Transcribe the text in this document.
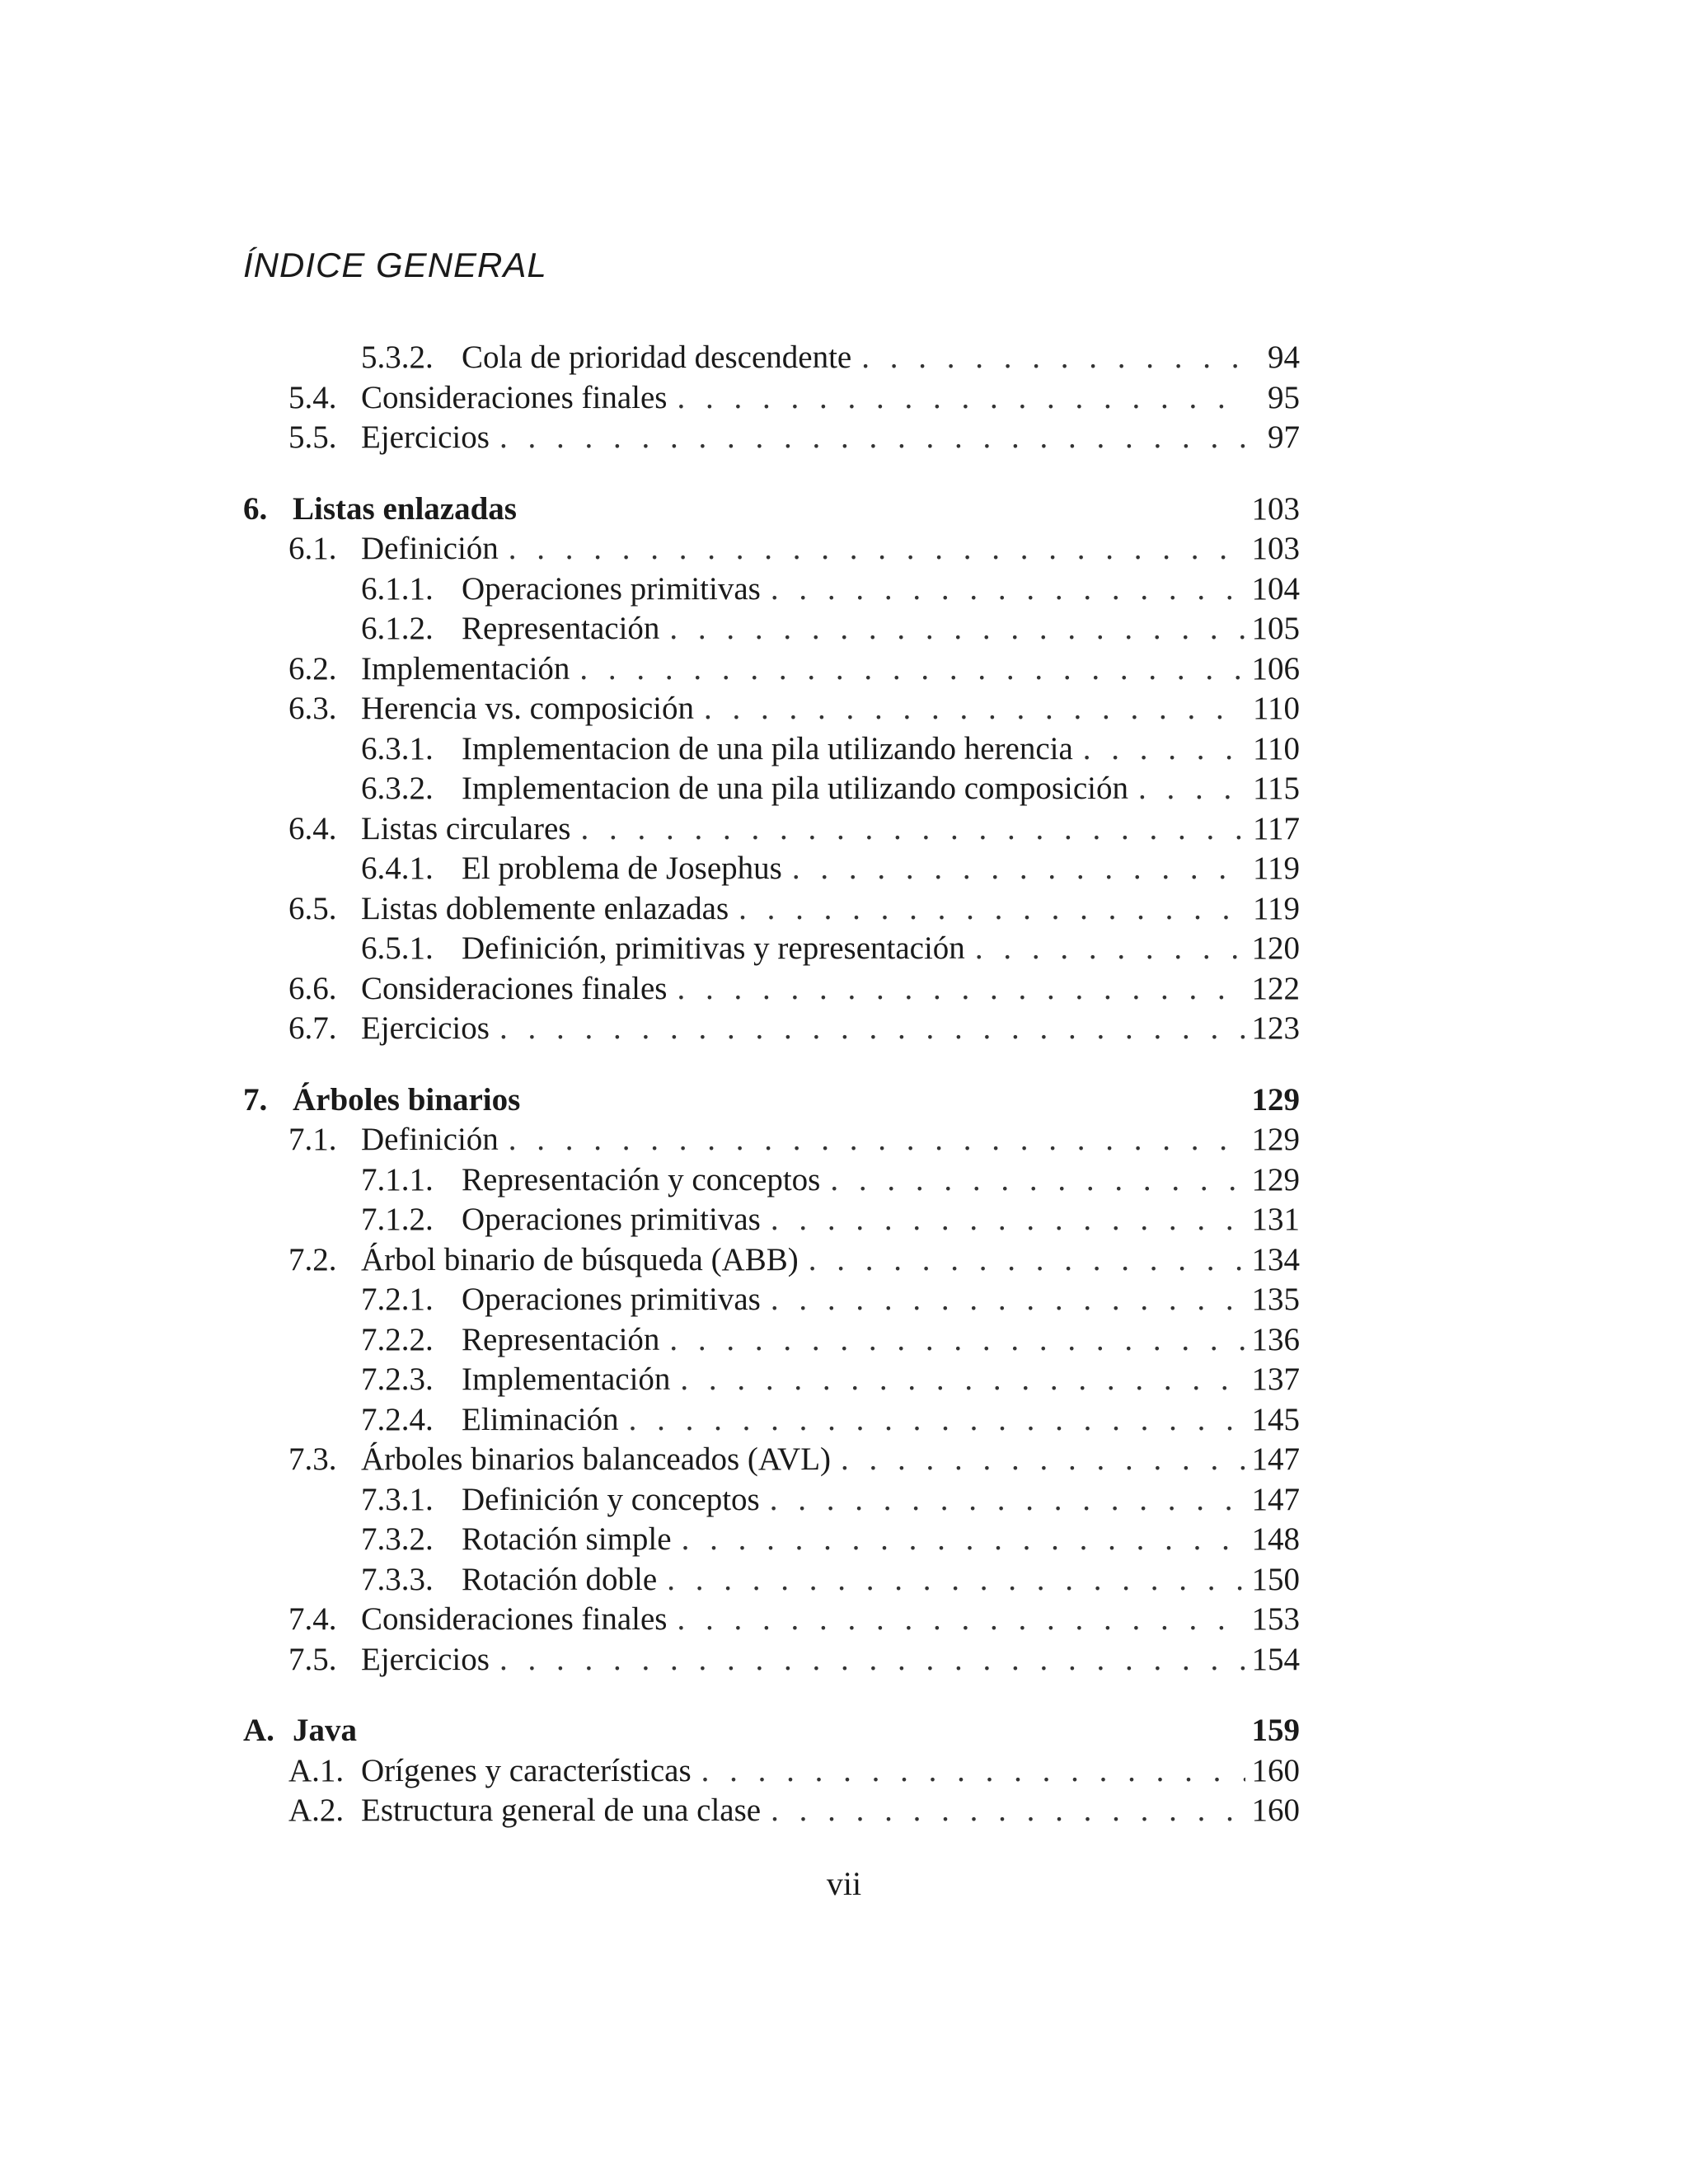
ÍNDICE GENERAL
5.3.2. Cola de prioridad descendente . . .	94
5.4. Consideraciones finales . . .	95
5.5. Ejercicios . . .	97
6. Listas enlazadas	103
6.1. Definición . . .	103
6.1.1. Operaciones primitivas . . .	104
6.1.2. Representación . . .	105
6.2. Implementación . . .	106
6.3. Herencia vs. composición . . .	110
6.3.1. Implementacion de una pila utilizando herencia . . .	110
6.3.2. Implementacion de una pila utilizando composición . . .	115
6.4. Listas circulares . . .	117
6.4.1. El problema de Josephus . . .	119
6.5. Listas doblemente enlazadas . . .	119
6.5.1. Definición, primitivas y representación . . .	120
6.6. Consideraciones finales . . .	122
6.7. Ejercicios . . .	123
7. Árboles binarios	129
7.1. Definición . . .	129
7.1.1. Representación y conceptos . . .	129
7.1.2. Operaciones primitivas . . .	131
7.2. Árbol binario de búsqueda (ABB) . . .	134
7.2.1. Operaciones primitivas . . .	135
7.2.2. Representación . . .	136
7.2.3. Implementación . . .	137
7.2.4. Eliminación . . .	145
7.3. Árboles binarios balanceados (AVL) . . .	147
7.3.1. Definición y conceptos . . .	147
7.3.2. Rotación simple . . .	148
7.3.3. Rotación doble . . .	150
7.4. Consideraciones finales . . .	153
7.5. Ejercicios . . .	154
A. Java	159
A.1. Orígenes y características . . .	160
A.2. Estructura general de una clase . . .	160
vii
